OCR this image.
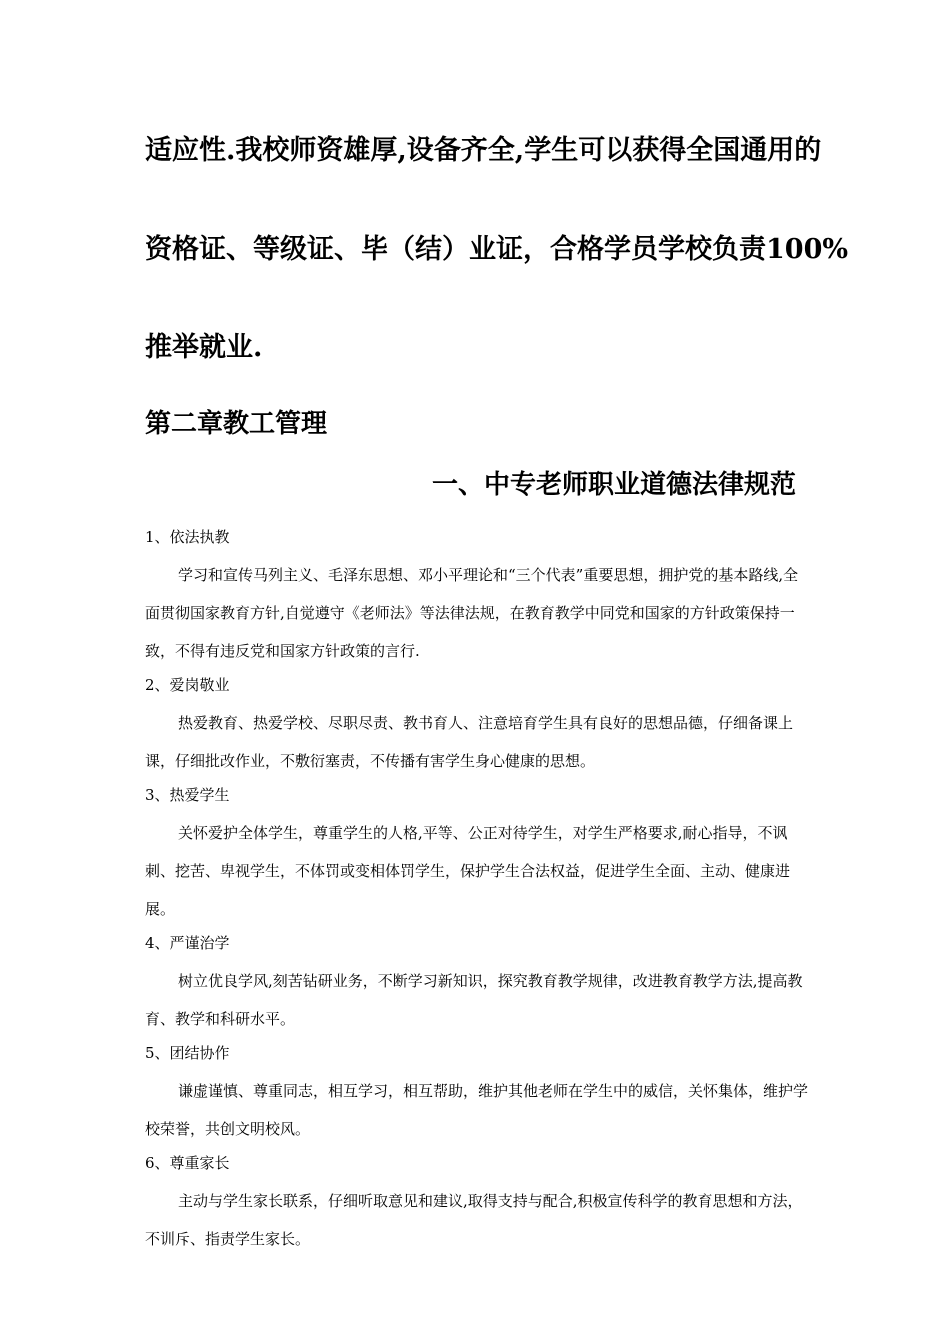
适应性.我校师资雄厚,设备齐全,学生可以获得全国通用的
资格证、等级证、毕（结）业证，合格学员学校负责100%
推举就业.
第二章教工管理
一、中专老师职业道德法律规范
1、依法执教

学习和宣传马列主义、毛泽东思想、邓小平理论和“三个代表”重要思想，拥护党的基本路线,全面贯彻国家教育方针,自觉遵守《老师法》等法律法规，在教育教学中同党和国家的方针政策保持一致，不得有违反党和国家方针政策的言行.

2、爱岗敬业

热爱教育、热爱学校、尽职尽责、教书育人、注意培育学生具有良好的思想品德，仔细备课上课，仔细批改作业，不敷衍塞责，不传播有害学生身心健康的思想。

3、热爱学生

关怀爱护全体学生，尊重学生的人格,平等、公正对待学生，对学生严格要求,耐心指导，不讽刺、挖苦、卑视学生，不体罚或变相体罚学生，保护学生合法权益，促进学生全面、主动、健康进展。

4、严谨治学

树立优良学风,刻苦钻研业务，不断学习新知识，探究教育教学规律，改进教育教学方法,提高教育、教学和科研水平。

5、团结协作

谦虚谨慎、尊重同志，相互学习，相互帮助，维护其他老师在学生中的威信，关怀集体，维护学校荣誉，共创文明校风。

6、尊重家长

主动与学生家长联系，仔细听取意见和建议,取得支持与配合,积极宣传科学的教育思想和方法，不训斥、指责学生家长。
